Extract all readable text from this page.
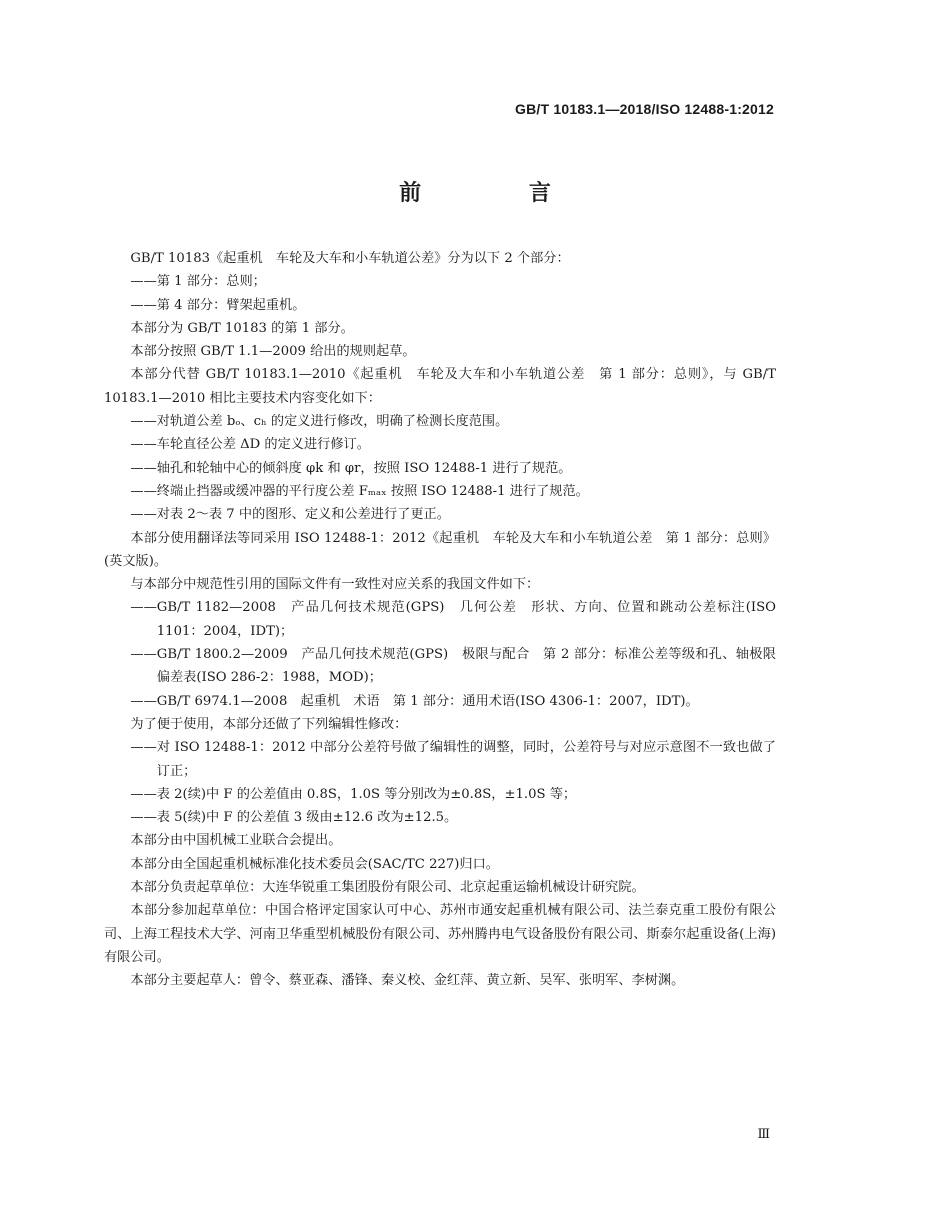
GB/T 10183.1—2018/ISO 12488-1:2012
前 言

GB/T 10183《起重机　车轮及大车和小车轨道公差》分为以下 2 个部分：

——第 1 部分：总则；

——第 4 部分：臂架起重机。

本部分为 GB/T 10183 的第 1 部分。

本部分按照 GB/T 1.1—2009 给出的规则起草。

本部分代替 GB/T 10183.1—2010《起重机　车轮及大车和小车轨道公差　第 1 部分：总则》，与 GB/T 10183.1—2010 相比主要技术内容变化如下：

——对轨道公差 bₒ、cₕ 的定义进行修改，明确了检测长度范围。

——车轮直径公差 ΔD 的定义进行修订。

——轴孔和轮轴中心的倾斜度 φk 和 φr，按照 ISO 12488-1 进行了规范。

——终端止挡器或缓冲器的平行度公差 Fₘₐₓ 按照 ISO 12488-1 进行了规范。

——对表 2～表 7 中的图形、定义和公差进行了更正。

本部分使用翻译法等同采用 ISO 12488-1：2012《起重机　车轮及大车和小车轨道公差　第 1 部分：总则》(英文版)。

与本部分中规范性引用的国际文件有一致性对应关系的我国文件如下：

——GB/T 1182—2008　产品几何技术规范(GPS)　几何公差　形状、方向、位置和跳动公差标注(ISO 1101：2004，IDT)；

——GB/T 1800.2—2009　产品几何技术规范(GPS)　极限与配合　第 2 部分：标准公差等级和孔、轴极限偏差表(ISO 286-2：1988，MOD)；

——GB/T 6974.1—2008　起重机　术语　第 1 部分：通用术语(ISO 4306-1：2007，IDT)。

为了便于使用，本部分还做了下列编辑性修改：

——对 ISO 12488-1：2012 中部分公差符号做了编辑性的调整，同时，公差符号与对应示意图不一致也做了订正；

——表 2(续)中 F 的公差值由 0.8S，1.0S 等分别改为±0.8S，±1.0S 等；

——表 5(续)中 F 的公差值 3 级由±12.6 改为±12.5。

本部分由中国机械工业联合会提出。

本部分由全国起重机械标准化技术委员会(SAC/TC 227)归口。

本部分负责起草单位：大连华锐重工集团股份有限公司、北京起重运输机械设计研究院。

本部分参加起草单位：中国合格评定国家认可中心、苏州市通安起重机械有限公司、法兰泰克重工股份有限公司、上海工程技术大学、河南卫华重型机械股份有限公司、苏州腾冉电气设备股份有限公司、斯泰尔起重设备(上海)有限公司。

本部分主要起草人：曾令、蔡亚森、潘锋、秦义校、金红萍、黄立新、吴军、张明军、李树渊。

Ⅲ
